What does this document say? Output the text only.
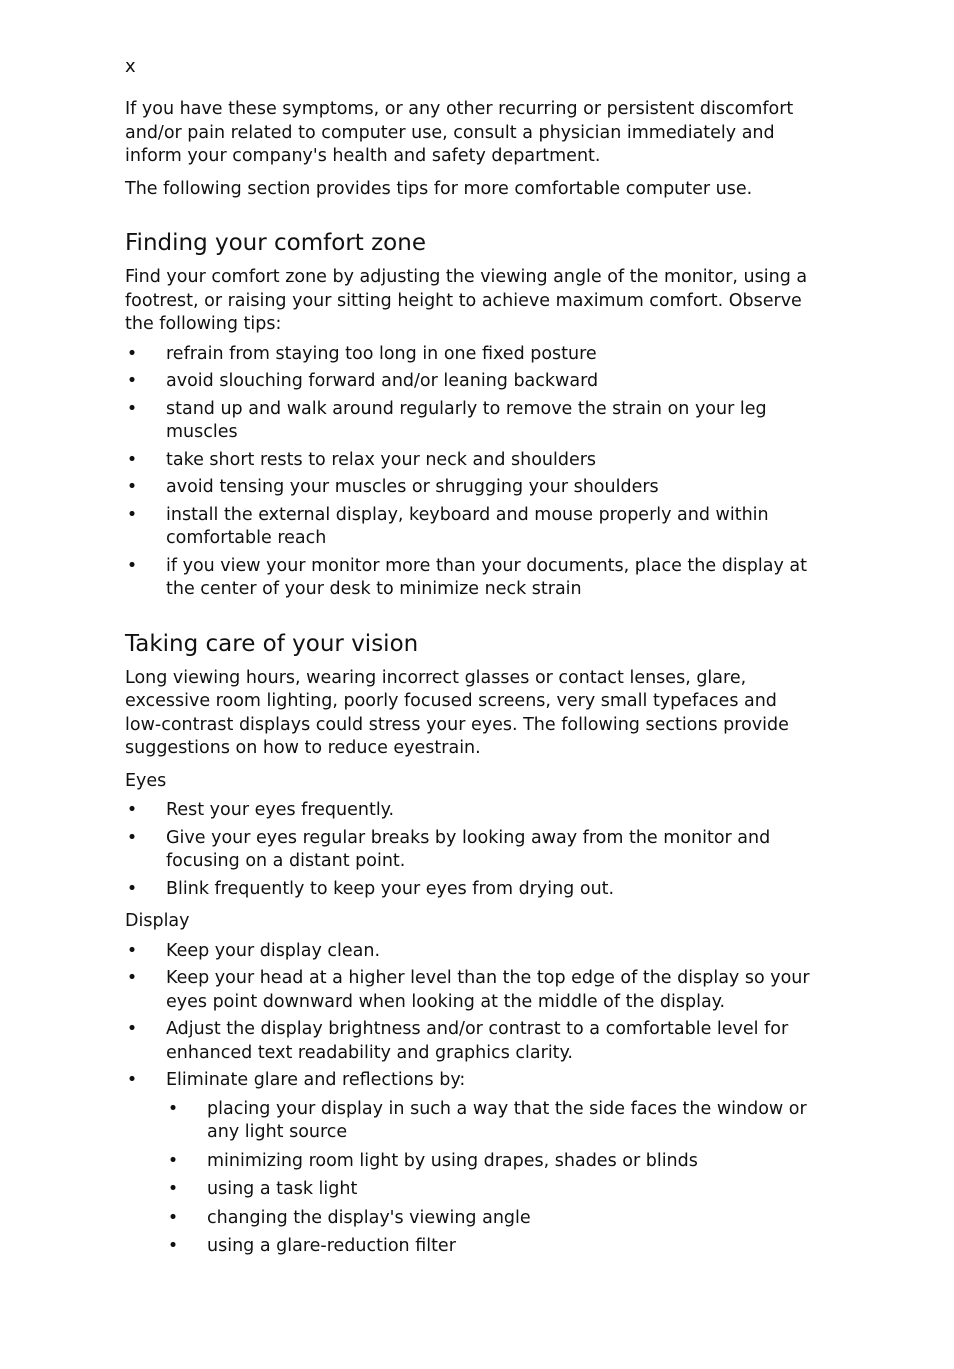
x

If you have these symptoms, or any other recurring or persistent discomfort and/or pain related to computer use, consult a physician immediately and inform your company's health and safety department.

The following section provides tips for more comfortable computer use.

Finding your comfort zone

Find your comfort zone by adjusting the viewing angle of the monitor, using a footrest, or raising your sitting height to achieve maximum comfort. Observe the following tips:

• refrain from staying too long in one fixed posture
• avoid slouching forward and/or leaning backward
• stand up and walk around regularly to remove the strain on your leg muscles
• take short rests to relax your neck and shoulders
• avoid tensing your muscles or shrugging your shoulders
• install the external display, keyboard and mouse properly and within comfortable reach
• if you view your monitor more than your documents, place the display at the center of your desk to minimize neck strain
Taking care of your vision

Long viewing hours, wearing incorrect glasses or contact lenses, glare, excessive room lighting, poorly focused screens, very small typefaces and low-contrast displays could stress your eyes. The following sections provide suggestions on how to reduce eyestrain.

Eyes

• Rest your eyes frequently.
• Give your eyes regular breaks by looking away from the monitor and focusing on a distant point.
• Blink frequently to keep your eyes from drying out.

Display

• Keep your display clean.
• Keep your head at a higher level than the top edge of the display so your eyes point downward when looking at the middle of the display.
• Adjust the display brightness and/or contrast to a comfortable level for enhanced text readability and graphics clarity.
• Eliminate glare and reflections by:
• placing your display in such a way that the side faces the window or any light source
• minimizing room light by using drapes, shades or blinds
• using a task light
• changing the display's viewing angle
• using a glare-reduction filter
